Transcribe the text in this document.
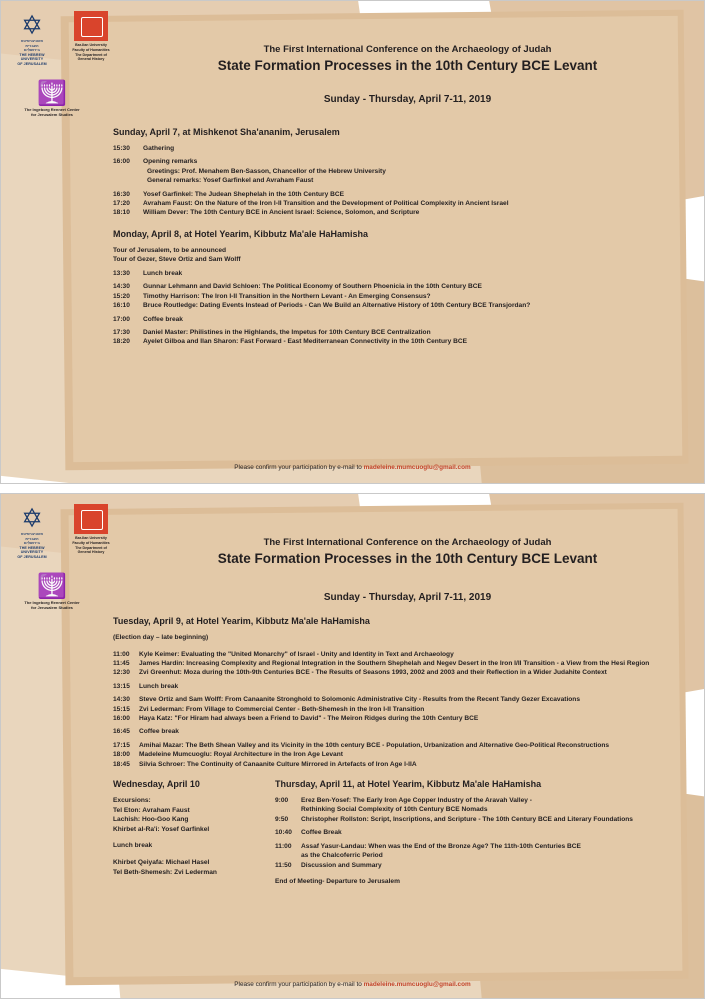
✡
האוניברסיטה
העברית
בירושלים
THE HEBREW
UNIVERSITY
OF JERUSALEM
Bar-Ilan University
Faculty of Humanities
The Department of
General History
🕎
The Ingeborg Rennert Center
for Jerusalem Studies
The First International Conference on the Archaeology of Judah
State Formation Processes in the 10th Century BCE Levant
Sunday - Thursday, April 7-11, 2019
Sunday, April 7, at Mishkenot Sha'ananim, Jerusalem
15:30	Gathering
16:00	Opening remarks
Greetings: Prof. Menahem Ben-Sasson, Chancellor of the Hebrew University
General remarks: Yosef Garfinkel and Avraham Faust
16:30	Yosef Garfinkel: The Judean Shephelah in the 10th Century BCE
17:20	Avraham Faust: On the Nature of the Iron I-II Transition and the Development of Political Complexity in Ancient Israel
18:10	William Dever: The 10th Century BCE in Ancient Israel: Science, Solomon, and Scripture
Monday, April 8, at Hotel Yearim, Kibbutz Ma'ale HaHamisha
Tour of Jerusalem, to be announced
Tour of Gezer, Steve Ortiz and Sam Wolff
13:30	Lunch break
14:30	Gunnar Lehmann and David Schloen: The Political Economy of Southern Phoenicia in the 10th Century BCE
15:20	Timothy Harrison: The Iron I-II Transition in the Northern Levant - An Emerging Consensus?
16:10	Bruce Routledge: Dating Events Instead of Periods - Can We Build an Alternative History of 10th Century BCE Transjordan?
17:00	Coffee break
17:30	Daniel Master: Philistines in the Highlands, the Impetus for 10th Century BCE Centralization
18:20	Ayelet Gilboa and Ilan Sharon: Fast Forward - East Mediterranean Connectivity in the 10th Century BCE
Please confirm your participation by e-mail to madeleine.mumcuoglu@gmail.com
✡
האוניברסיטה
העברית
בירושלים
THE HEBREW
UNIVERSITY
OF JERUSALEM
Bar-Ilan University
Faculty of Humanities
The Department of
General History
🕎
The Ingeborg Rennert Center
for Jerusalem Studies
The First International Conference on the Archaeology of Judah
State Formation Processes in the 10th Century BCE Levant
Sunday - Thursday, April 7-11, 2019
Tuesday, April 9, at Hotel Yearim, Kibbutz Ma'ale HaHamisha
(Election day – late beginning)
11:00	Kyle Keimer: Evaluating the "United Monarchy" of Israel - Unity and Identity in Text and Archaeology
11:45	James Hardin: Increasing Complexity and Regional Integration in the Southern Shephelah and Negev Desert in the Iron I/II Transition - a View from the Hesi Region
12:30	Zvi Greenhut: Moza during the 10th-9th Centuries BCE - The Results of Seasons 1993, 2002 and 2003 and their Reflection in a Wider Judahite Context
13:15	Lunch break
14:30	Steve Ortiz and Sam Wolff: From Canaanite Stronghold to Solomonic Administrative City - Results from the Recent Tandy Gezer Excavations
15:15	Zvi Lederman: From Village to Commercial Center - Beth-Shemesh in the Iron I-II Transition
16:00	Haya Katz: "For Hiram had always been a Friend to David" - The Meiron Ridges during the 10th Century BCE
16:45	Coffee break
17:15	Amihai Mazar: The Beth Shean Valley and its Vicinity in the 10th century BCE - Population, Urbanization and Alternative Geo-Political Reconstructions
18:00	Madeleine Mumcuoglu: Royal Architecture in the Iron Age Levant
18:45	Silvia Schroer: The Continuity of Canaanite Culture Mirrored in Artefacts of Iron Age I-IIA
Wednesday, April 10
Excursions:
Tel Eton: Avraham Faust
Lachish: Hoo-Goo Kang
Khirbet al-Ra'i: Yosef Garfinkel
Lunch break
Khirbet Qeiyafa: Michael Hasel
Tel Beth-Shemesh: Zvi Lederman
Thursday, April 11, at Hotel Yearim, Kibbutz Ma'ale HaHamisha
9:00	Erez Ben-Yosef: The Early Iron Age Copper Industry of the Aravah Valley -
Rethinking Social Complexity of 10th Century BCE Nomads
9:50	Christopher Rollston: Script, Inscriptions, and Scripture - The 10th Century BCE and Literary Foundations
10:40	Coffee Break
11:00	Assaf Yasur-Landau: When was the End of the Bronze Age? The 11th-10th Centuries BCE
as the Chalcoferric Period
11:50	Discussion and Summary
End of Meeting- Departure to Jerusalem
Please confirm your participation by e-mail to madeleine.mumcuoglu@gmail.com
